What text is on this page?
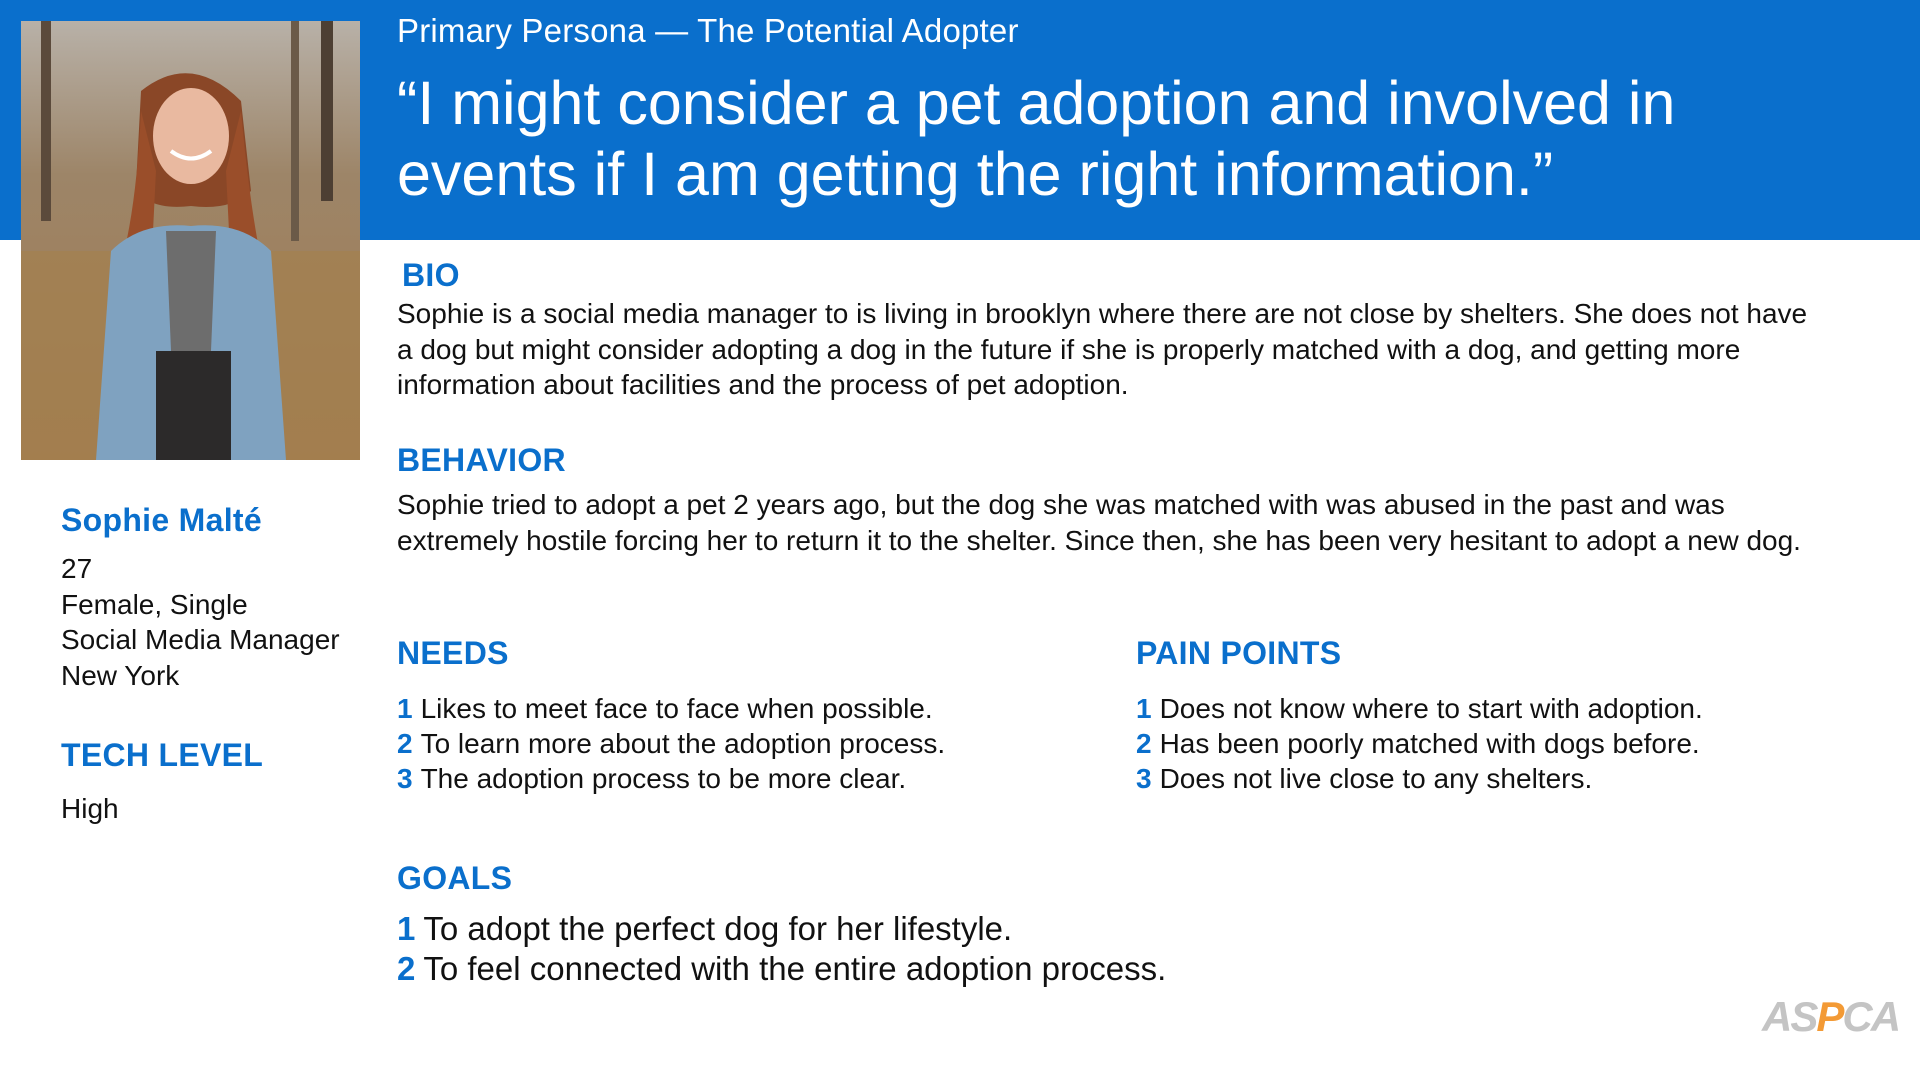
Primary Persona — The Potential Adopter
“I might consider a pet adoption and involved in events if I am getting the right information.”
Sophie Malté
27
Female, Single
Social Media Manager
New York
TECH LEVEL
High
BIO
Sophie is a social media manager to is living in brooklyn where there are not close by shelters. She does not have a dog but might consider adopting a dog in the future if she is properly matched with a dog, and getting more information about facilities and the process of pet adoption.
BEHAVIOR
Sophie tried to adopt a pet 2 years ago, but the dog she was matched with was abused in the past and was extremely hostile forcing her to return it to the shelter. Since then, she has been very hesitant to adopt a new dog.
NEEDS
1 Likes to meet face to face when possible.
2 To learn more about the adoption process.
3 The adoption process to be more clear.
PAIN POINTS
1 Does not know where to start with adoption.
2 Has been poorly matched with dogs before.
3 Does not live close to any shelters.
GOALS
1 To adopt the perfect dog for her lifestyle.
2 To feel connected with the entire adoption process.
ASPCA
